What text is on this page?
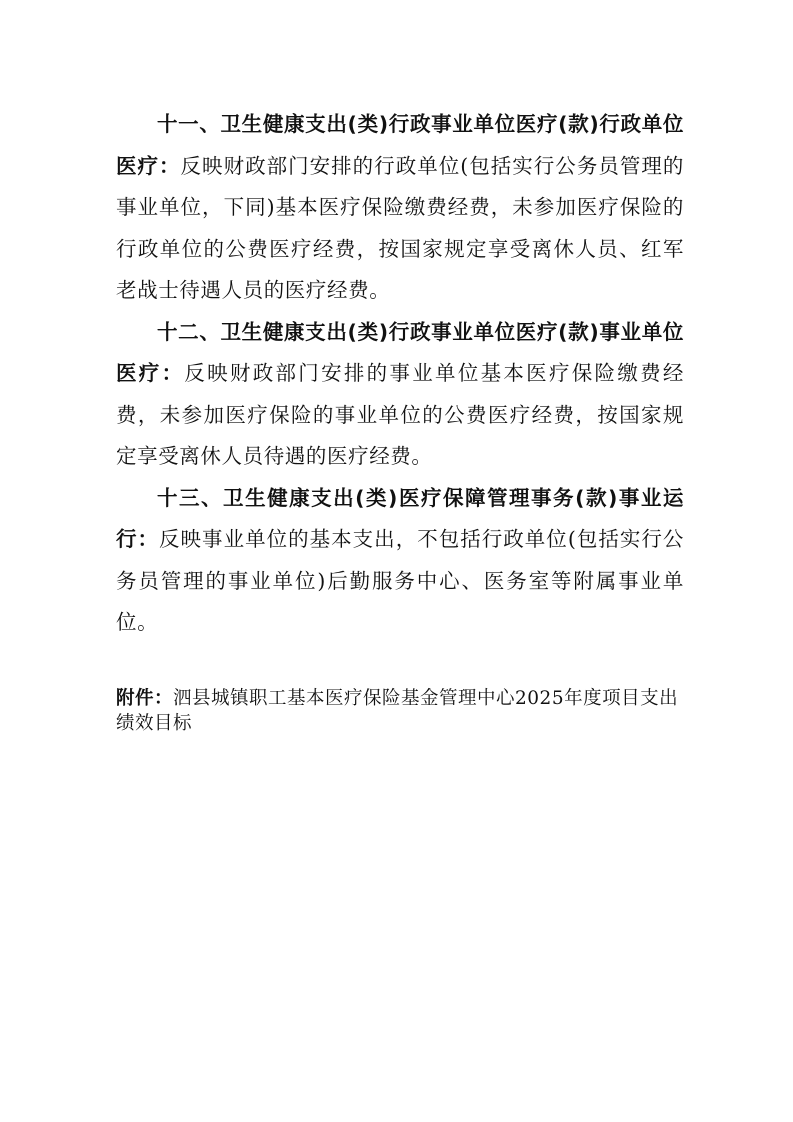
十一、卫生健康支出(类)行政事业单位医疗(款)行政单位医疗：反映财政部门安排的行政单位(包括实行公务员管理的事业单位，下同)基本医疗保险缴费经费，未参加医疗保险的行政单位的公费医疗经费，按国家规定享受离休人员、红军老战士待遇人员的医疗经费。

十二、卫生健康支出(类)行政事业单位医疗(款)事业单位医疗：反映财政部门安排的事业单位基本医疗保险缴费经费，未参加医疗保险的事业单位的公费医疗经费，按国家规定享受离休人员待遇的医疗经费。

十三、卫生健康支出(类)医疗保障管理事务(款)事业运行：反映事业单位的基本支出，不包括行政单位(包括实行公务员管理的事业单位)后勤服务中心、医务室等附属事业单位。

附件：泗县城镇职工基本医疗保险基金管理中心2025年度项目支出绩效目标
